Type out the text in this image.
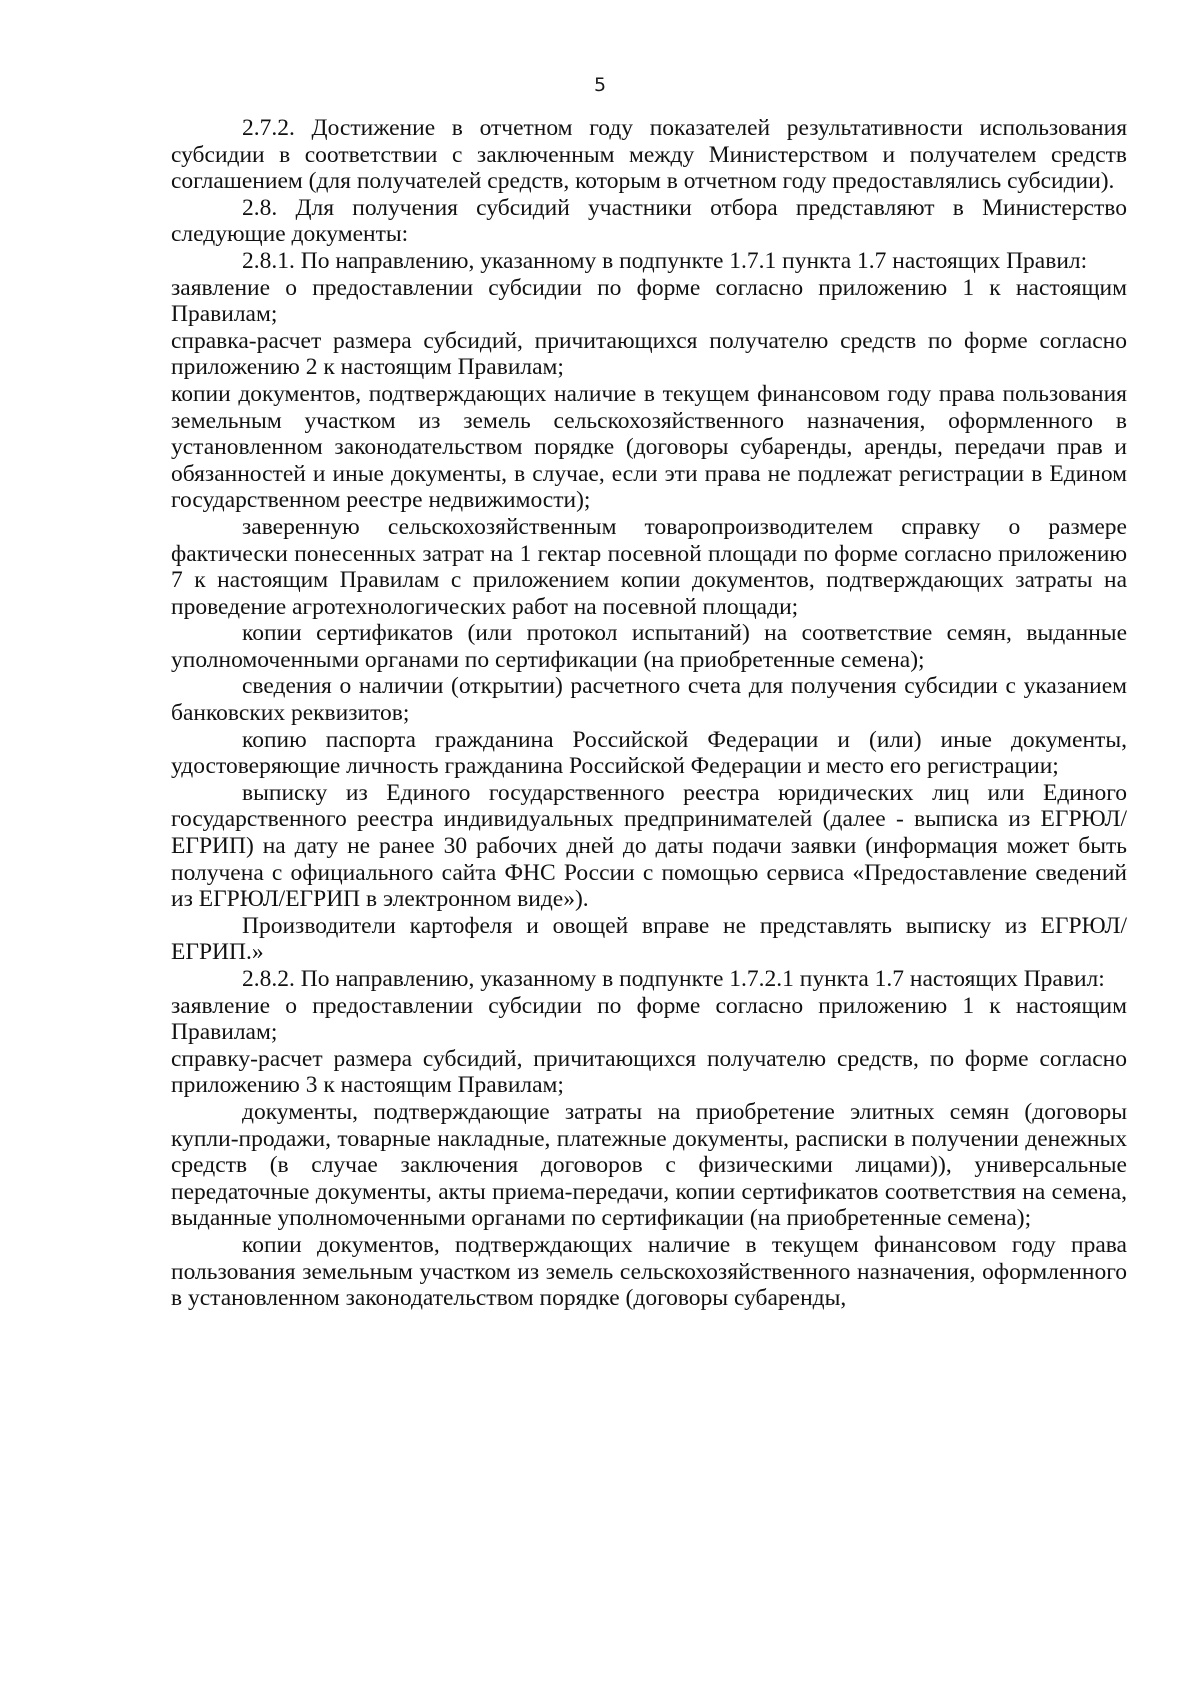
5

2.7.2. Достижение в отчетном году показателей результативности использования субсидии в соответствии с заключенным между Министерством и получателем средств соглашением (для получателей средств, которым в отчетном году предоставлялись субсидии).

2.8. Для получения субсидий участники отбора представляют в Министерство следующие документы:

2.8.1. По направлению, указанному в подпункте 1.7.1 пункта 1.7 настоящих Правил:

заявление о предоставлении субсидии по форме согласно приложению 1 к настоящим Правилам;

справка-расчет размера субсидий, причитающихся получателю средств по форме согласно приложению 2 к настоящим Правилам;

копии документов, подтверждающих наличие в текущем финансовом году права пользования земельным участком из земель сельскохозяйственного назначения, оформленного в установленном законодательством порядке (договоры субаренды, аренды, передачи прав и обязанностей и иные документы, в случае, если эти права не подлежат регистрации в Едином государственном реестре недвижимости);

заверенную сельскохозяйственным товаропроизводителем справку о размере фактически понесенных затрат на 1 гектар посевной площади по форме согласно приложению 7 к настоящим Правилам с приложением копии документов, подтверждающих затраты на проведение агротехнологических работ на посевной площади;

копии сертификатов (или протокол испытаний) на соответствие семян, выданные уполномоченными органами по сертификации (на приобретенные семена);

сведения о наличии (открытии) расчетного счета для получения субсидии с указанием банковских реквизитов;

копию паспорта гражданина Российской Федерации и (или) иные документы, удостоверяющие личность гражданина Российской Федерации и место его регистрации;

выписку из Единого государственного реестра юридических лиц или Единого государственного реестра индивидуальных предпринимателей (далее - выписка из ЕГРЮЛ/ЕГРИП) на дату не ранее 30 рабочих дней до даты подачи заявки (информация может быть получена с официального сайта ФНС России с помощью сервиса «Предоставление сведений из ЕГРЮЛ/ЕГРИП в электронном виде»).

Производители картофеля и овощей вправе не представлять выписку из ЕГРЮЛ/ЕГРИП.»

2.8.2. По направлению, указанному в подпункте 1.7.2.1 пункта 1.7 настоящих Правил:

заявление о предоставлении субсидии по форме согласно приложению 1 к настоящим Правилам;

справку-расчет размера субсидий, причитающихся получателю средств, по форме согласно приложению 3 к настоящим Правилам;

документы, подтверждающие затраты на приобретение элитных семян (договоры купли-продажи, товарные накладные, платежные документы, расписки в получении денежных средств (в случае заключения договоров с физическими лицами)), универсальные передаточные документы, акты приема-передачи, копии сертификатов соответствия на семена, выданные уполномоченными органами по сертификации (на приобретенные семена);

копии документов, подтверждающих наличие в текущем финансовом году права пользования земельным участком из земель сельскохозяйственного назначения, оформленного в установленном законодательством порядке (договоры субаренды,
